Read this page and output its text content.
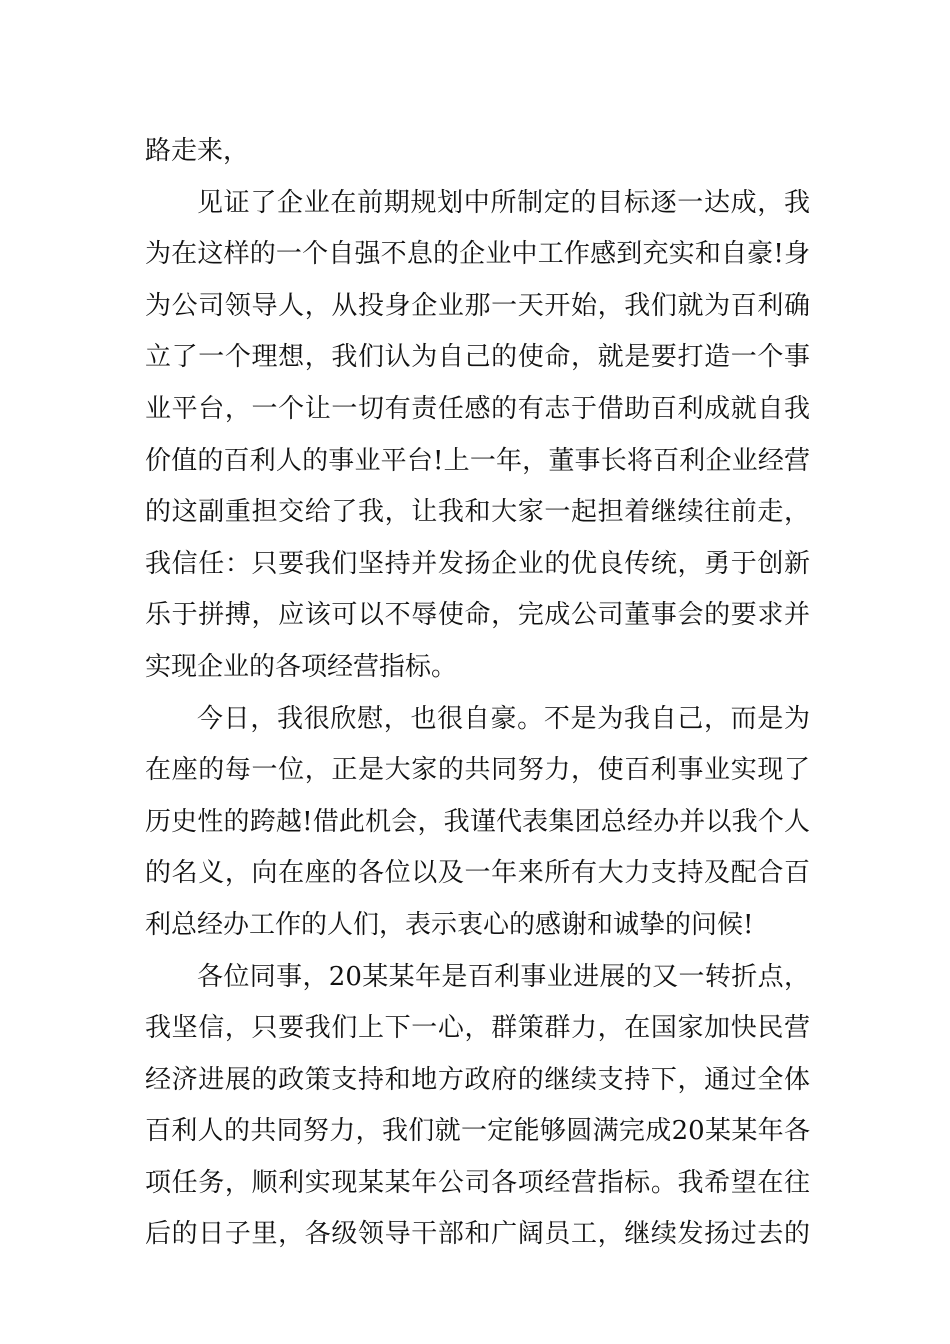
路走来，
见证了企业在前期规划中所制定的目标逐一达成，我
为在这样的一个自强不息的企业中工作感到充实和自豪!身
为公司领导人，从投身企业那一天开始，我们就为百利确
立了一个理想，我们认为自己的使命，就是要打造一个事
业平台，一个让一切有责任感的有志于借助百利成就自我
价值的百利人的事业平台!上一年，董事长将百利企业经营
的这副重担交给了我，让我和大家一起担着继续往前走，
我信任：只要我们坚持并发扬企业的优良传统，勇于创新
乐于拼搏，应该可以不辱使命，完成公司董事会的要求并
实现企业的各项经营指标。
今日，我很欣慰，也很自豪。不是为我自己，而是为
在座的每一位，正是大家的共同努力，使百利事业实现了
历史性的跨越!借此机会，我谨代表集团总经办并以我个人
的名义，向在座的各位以及一年来所有大力支持及配合百
利总经办工作的人们，表示衷心的感谢和诚挚的问候!
各位同事，20某某年是百利事业进展的又一转折点，
我坚信，只要我们上下一心，群策群力，在国家加快民营
经济进展的政策支持和地方政府的继续支持下，通过全体
百利人的共同努力，我们就一定能够圆满完成20某某年各
项任务，顺利实现某某年公司各项经营指标。我希望在往
后的日子里，各级领导干部和广阔员工，继续发扬过去的
